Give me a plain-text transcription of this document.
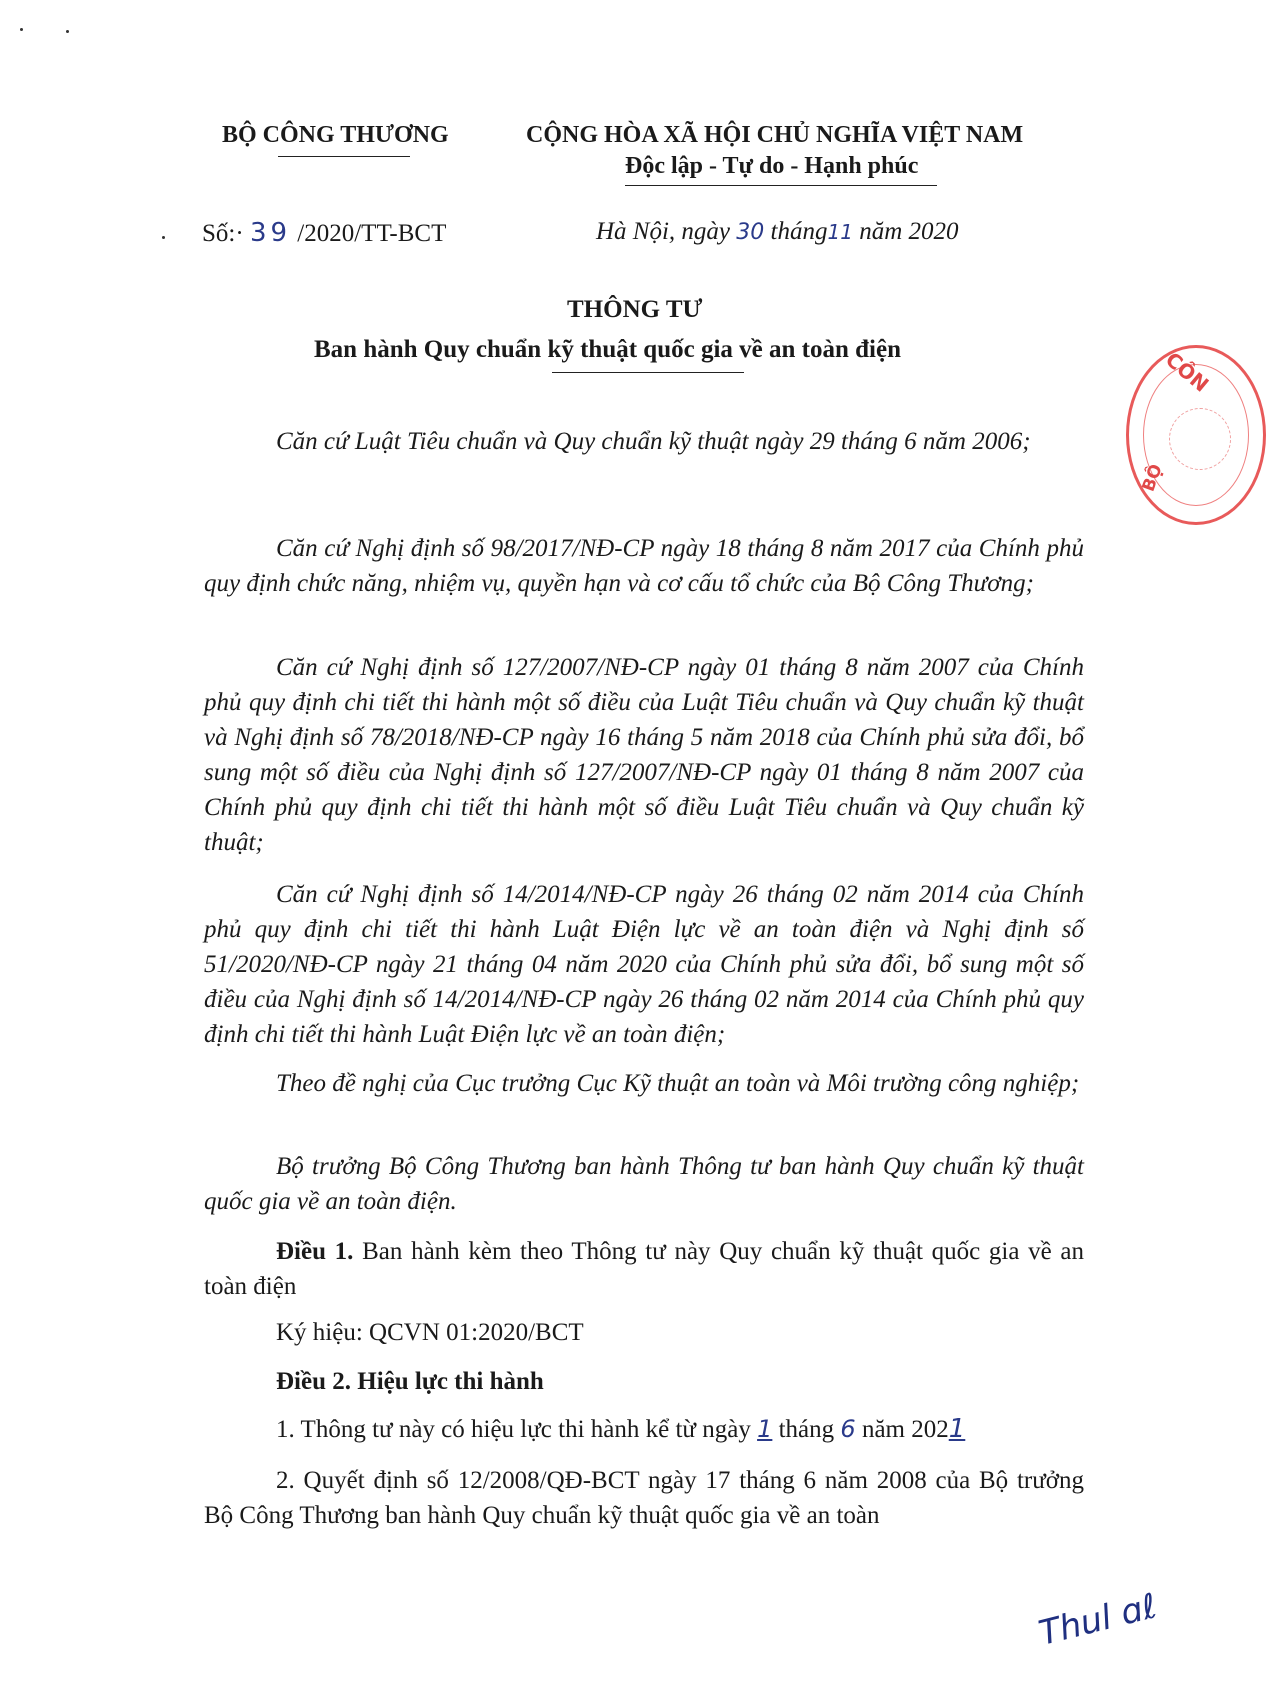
BỘ CÔNG THƯƠNG	CỘNG HÒA XÃ HỘI CHỦ NGHĨA VIỆT NAM
Độc lập - Tự do - Hạnh phúc
Số:· 39 /2020/TT-BCT	Hà Nội, ngày 30 tháng11 năm 2020
THÔNG TƯ
Ban hành Quy chuẩn kỹ thuật quốc gia về an toàn điện
Căn cứ Luật Tiêu chuẩn và Quy chuẩn kỹ thuật ngày 29 tháng 6 năm 2006;
Căn cứ Nghị định số 98/2017/NĐ-CP ngày 18 tháng 8 năm 2017 của Chính phủ quy định chức năng, nhiệm vụ, quyền hạn và cơ cấu tổ chức của Bộ Công Thương;
Căn cứ Nghị định số 127/2007/NĐ-CP ngày 01 tháng 8 năm 2007 của Chính phủ quy định chi tiết thi hành một số điều của Luật Tiêu chuẩn và Quy chuẩn kỹ thuật và Nghị định số 78/2018/NĐ-CP ngày 16 tháng 5 năm 2018 của Chính phủ sửa đổi, bổ sung một số điều của Nghị định số 127/2007/NĐ-CP ngày 01 tháng 8 năm 2007 của Chính phủ quy định chi tiết thi hành một số điều Luật Tiêu chuẩn và Quy chuẩn kỹ thuật;
Căn cứ Nghị định số 14/2014/NĐ-CP ngày 26 tháng 02 năm 2014 của Chính phủ quy định chi tiết thi hành Luật Điện lực về an toàn điện và Nghị định số 51/2020/NĐ-CP ngày 21 tháng 04 năm 2020 của Chính phủ sửa đổi, bổ sung một số điều của Nghị định số 14/2014/NĐ-CP ngày 26 tháng 02 năm 2014 của Chính phủ quy định chi tiết thi hành Luật Điện lực về an toàn điện;
Theo đề nghị của Cục trưởng Cục Kỹ thuật an toàn và Môi trường công nghiệp;
Bộ trưởng Bộ Công Thương ban hành Thông tư ban hành Quy chuẩn kỹ thuật quốc gia về an toàn điện.
Điều 1. Ban hành kèm theo Thông tư này Quy chuẩn kỹ thuật quốc gia về an toàn điện
Ký hiệu: QCVN 01:2020/BCT
Điều 2. Hiệu lực thi hành
1. Thông tư này có hiệu lực thi hành kể từ ngày 1 tháng 6 năm 2021
2. Quyết định số 12/2008/QĐ-BCT ngày 17 tháng 6 năm 2008 của Bộ trưởng Bộ Công Thương ban hành Quy chuẩn kỹ thuật quốc gia về an toàn
CÔN
BỘ
Thul ɑℓ
